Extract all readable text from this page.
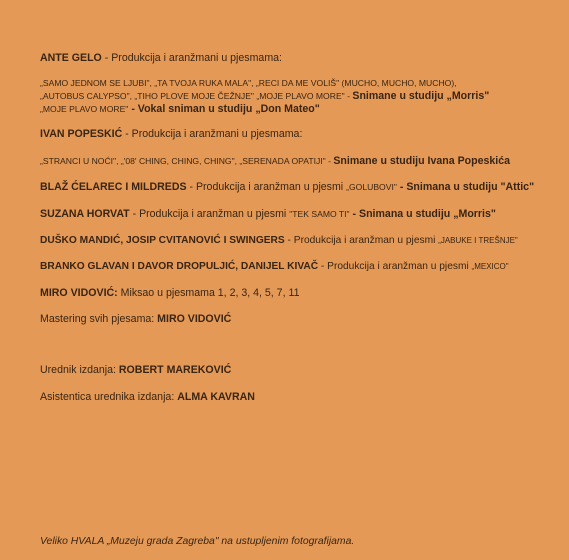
ANTE GELO - Produkcija i aranžmani u pjesmama:
„SAMO JEDNOM SE LJUBI", „TA TVOJA RUKA MALA", „RECI DA ME VOLIŠ" (MUCHO, MUCHO, MUCHO),
„AUTOBUS CALYPSO", „TIHO PLOVE MOJE ČEŽNJE" „MOJE PLAVO MORE" - Snimane u studiju „Morris"
„MOJE PLAVO MORE" - Vokal sniman u studiju „Don Mateo"
IVAN POPESKIĆ - Produkcija i aranžmani u pjesmama:
„STRANCI U NOĆI", „'08' CHING, CHING, CHING", „SERENADA OPATIJI" - Snimane u studiju Ivana Popeskića
BLAŽ ĆELAREC I MILDREDS - Produkcija i aranžman u pjesmi „GOLUBOVI" - Snimana u studiju "Attic"
SUZANA HORVAT - Produkcija i aranžman u pjesmi "TEK SAMO TI" - Snimana u studiju „Morris"
DUŠKO MANDIĆ, JOSIP CVITANOVIĆ I SWINGERS - Produkcija i aranžman u pjesmi „JABUKE I TREŠNJE"
BRANKO GLAVAN I DAVOR DROPULJIĆ, DANIJEL KIVAČ - Produkcija i aranžman u pjesmi „MEXICO"
MIRO VIDOVIĆ: Miksao u pjesmama 1, 2, 3, 4, 5, 7, 11
Mastering svih pjesama: MIRO VIDOVIĆ
Urednik izdanja: ROBERT MAREKOVIĆ
Asistentica urednika izdanja: ALMA KAVRAN
Veliko HVALA „Muzeju grada Zagreba" na ustupljenim fotografijama.
